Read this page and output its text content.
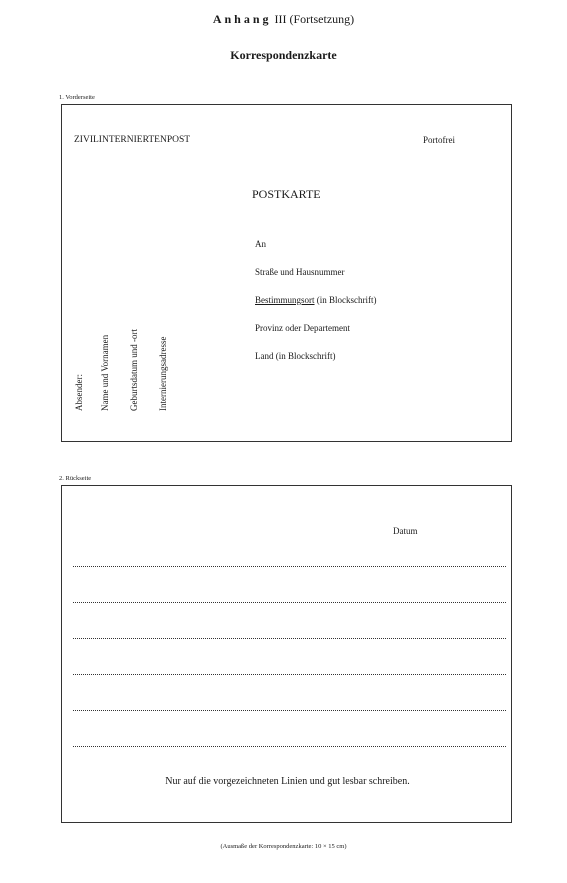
Anhang III (Fortsetzung)
Korrespondenzkarte
1. Vorderseite
ZIVILINTERNIERTENPOST	Portofrei
POSTKARTE
An
Straße und Hausnummer
Bestimmungsort (in Blockschrift)
Provinz oder Departement
Land (in Blockschrift)
Absender: Name und Vornamen Geburtsdatum und -ort Internierungsadresse
2. Rückseite
Datum
Nur auf die vorgezeichneten Linien und gut lesbar schreiben.
(Ausmaße der Korrespondenzkarte: 10 × 15 cm)
